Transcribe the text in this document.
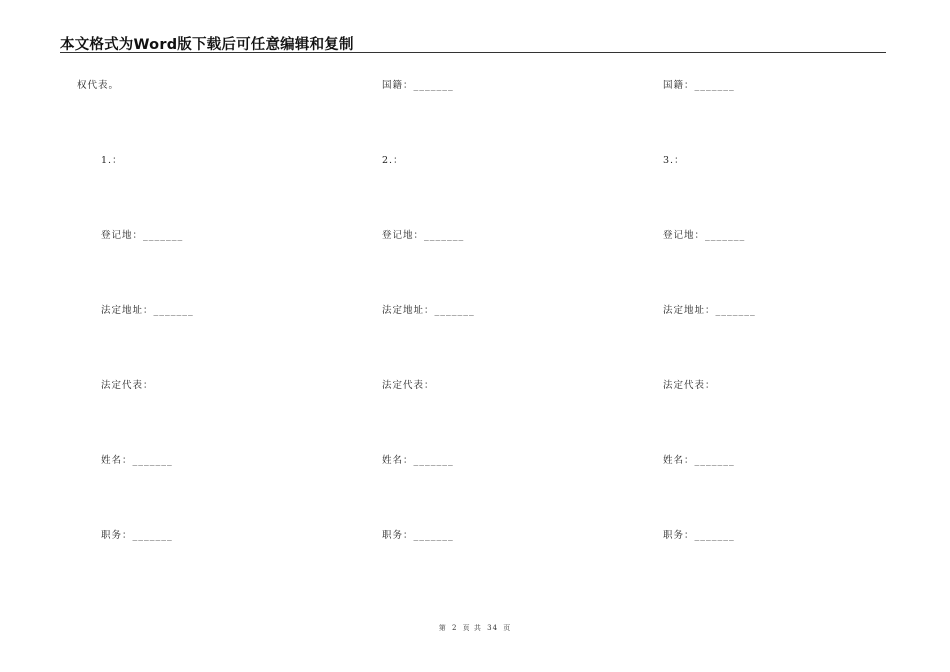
本文格式为Word版下载后可任意编辑和复制
权代表。	国籍：_______	国籍：_______
1.：	2.：	3.：
登记地：_______	登记地：_______	登记地：_______
法定地址：_______	法定地址：_______	法定地址：_______
法定代表：	法定代表：	法定代表：
姓名：_______	姓名：_______	姓名：_______
职务：_______	职务：_______	职务：_______
第 2 页 共 34 页
